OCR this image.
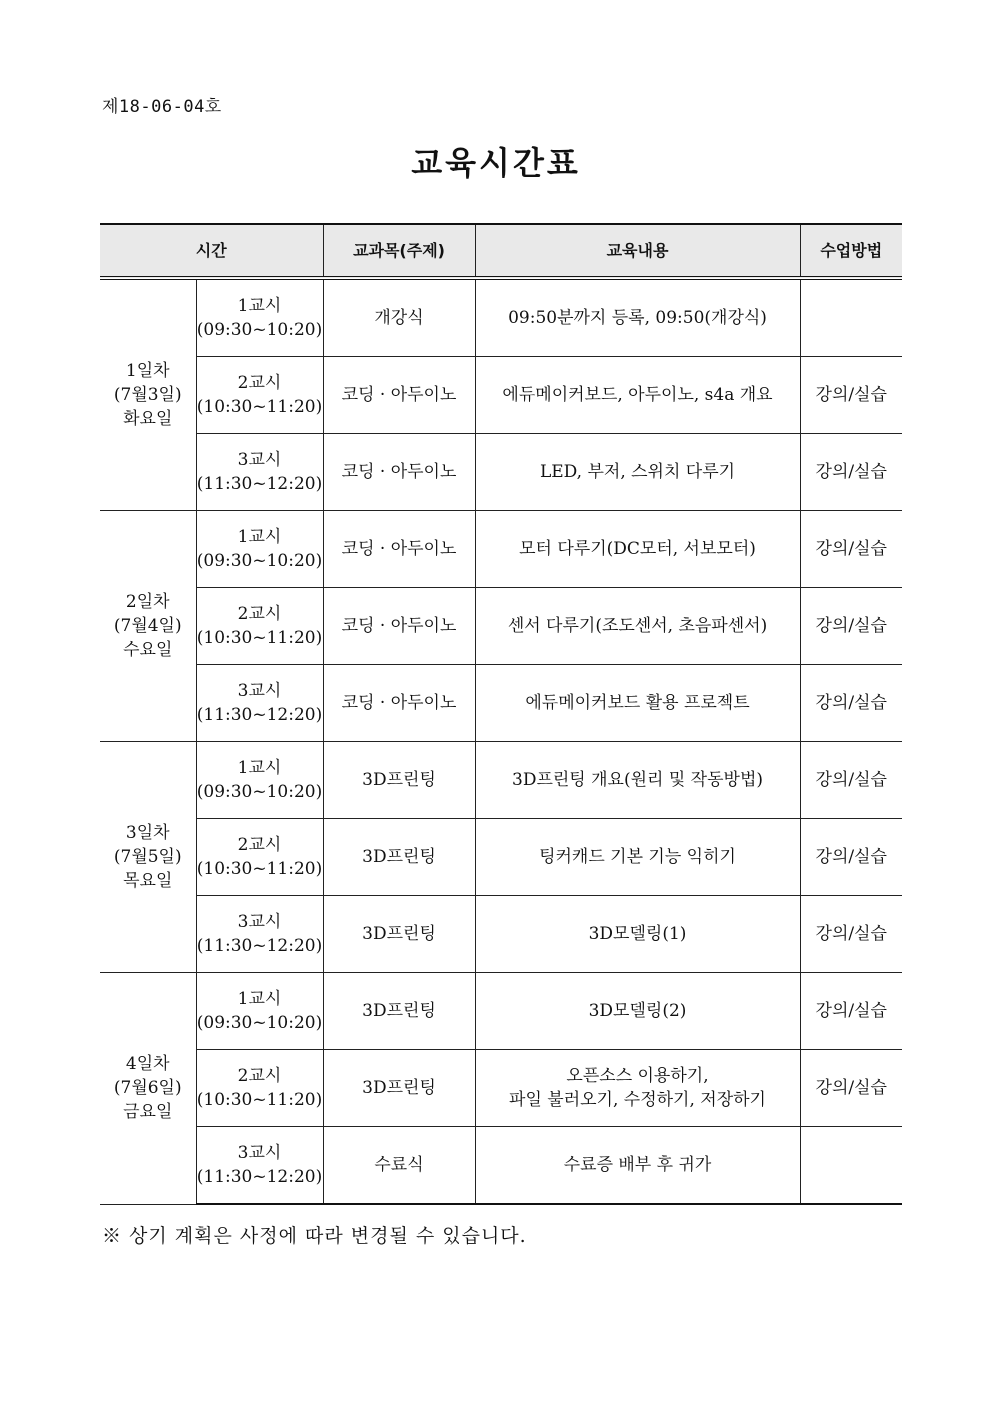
제18-06-04호
교육시간표
시간		교과목(주제)	교육내용	수업방법

1일차
(7월3일)
화요일	1교시
(09:30~10:20)	개강식	09:50분까지 등록, 09:50(개강식)	

	2교시
(10:30~11:20)	코딩 · 아두이노	에듀메이커보드, 아두이노, s4a 개요	강의/실습

	3교시
(11:30~12:20)	코딩 · 아두이노	LED, 부저, 스위치 다루기	강의/실습

2일차
(7월4일)
수요일	1교시
(09:30~10:20)	코딩 · 아두이노	모터 다루기(DC모터, 서보모터)	강의/실습

	2교시
(10:30~11:20)	코딩 · 아두이노	센서 다루기(조도센서, 초음파센서)	강의/실습

	3교시
(11:30~12:20)	코딩 · 아두이노	에듀메이커보드 활용 프로젝트	강의/실습

3일차
(7월5일)
목요일	1교시
(09:30~10:20)	3D프린팅	3D프린팅 개요(원리 및 작동방법)	강의/실습

	2교시
(10:30~11:20)	3D프린팅	팅커캐드 기본 기능 익히기	강의/실습

	3교시
(11:30~12:20)	3D프린팅	3D모델링(1)	강의/실습

4일차
(7월6일)
금요일	1교시
(09:30~10:20)	3D프린팅	3D모델링(2)	강의/실습

	2교시
(10:30~11:20)	3D프린팅	오픈소스 이용하기,
파일 불러오기, 수정하기, 저장하기	강의/실습

	3교시
(11:30~12:20)	수료식	수료증 배부 후 귀가	

※ 상기 계획은 사정에 따라 변경될 수 있습니다.
